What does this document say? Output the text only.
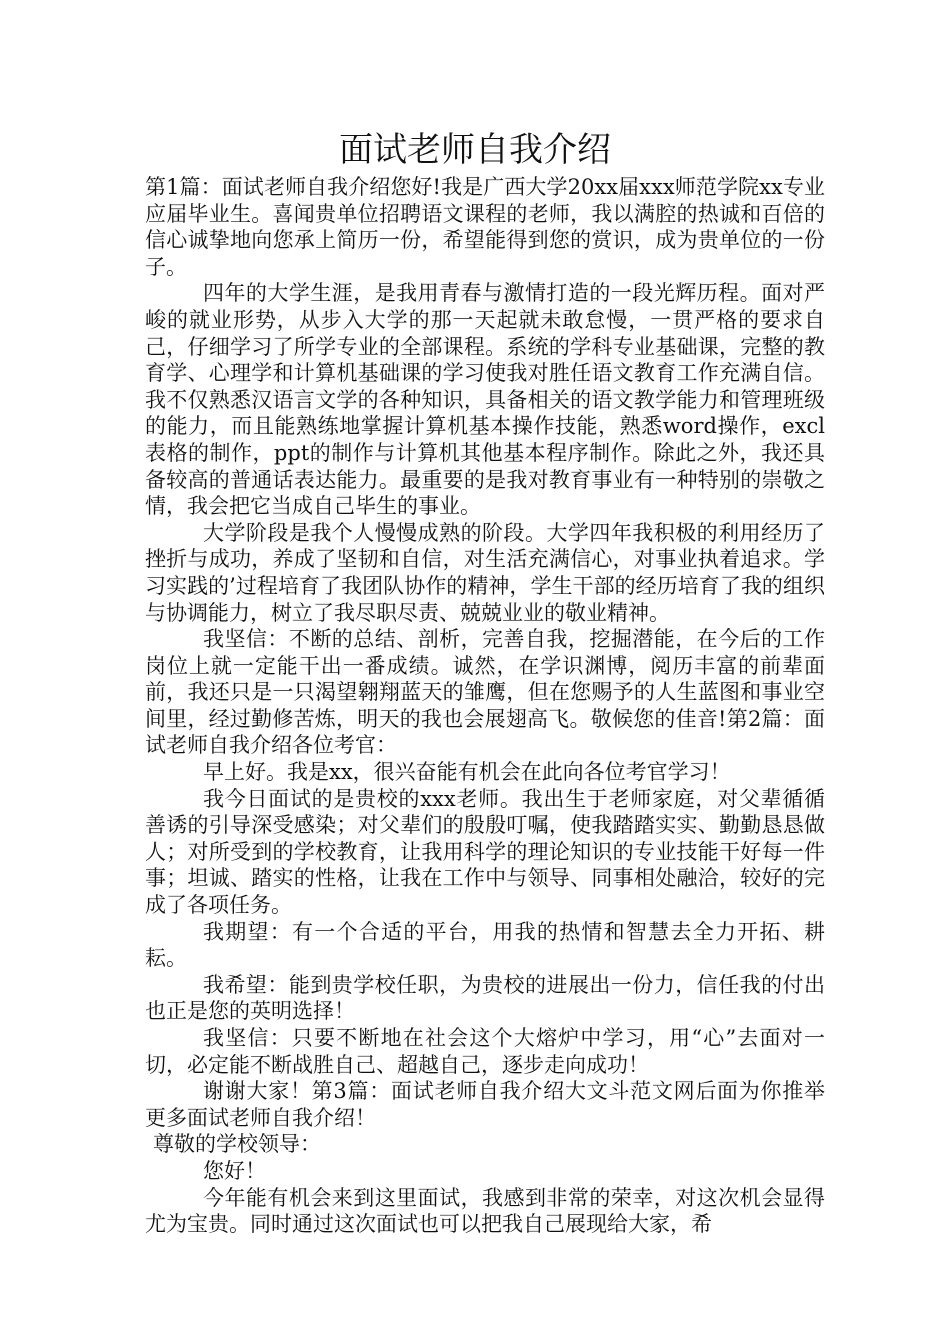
面试老师自我介绍

第1篇：面试老师自我介绍您好!我是广西大学20xx届xxx师范学院xx专业应届毕业生。喜闻贵单位招聘语文课程的老师，我以满腔的热诚和百倍的信心诚挚地向您承上简历一份，希望能得到您的赏识，成为贵单位的一份子。

四年的大学生涯，是我用青春与激情打造的一段光辉历程。面对严峻的就业形势，从步入大学的那一天起就未敢怠慢，一贯严格的要求自己，仔细学习了所学专业的全部课程。系统的学科专业基础课，完整的教育学、心理学和计算机基础课的学习使我对胜任语文教育工作充满自信。我不仅熟悉汉语言文学的各种知识，具备相关的语文教学能力和管理班级的能力，而且能熟练地掌握计算机基本操作技能，熟悉word操作，excl表格的制作，ppt的制作与计算机其他基本程序制作。除此之外，我还具备较高的普通话表达能力。最重要的是我对教育事业有一种特别的崇敬之情，我会把它当成自己毕生的事业。

大学阶段是我个人慢慢成熟的阶段。大学四年我积极的利用经历了挫折与成功，养成了坚韧和自信，对生活充满信心，对事业执着追求。学习实践的’过程培育了我团队协作的精神，学生干部的经历培育了我的组织与协调能力，树立了我尽职尽责、兢兢业业的敬业精神。

我坚信：不断的总结、剖析，完善自我，挖掘潜能，在今后的工作岗位上就一定能干出一番成绩。诚然，在学识渊博，阅历丰富的前辈面前，我还只是一只渴望翱翔蓝天的雏鹰，但在您赐予的人生蓝图和事业空间里，经过勤修苦炼，明天的我也会展翅高飞。敬候您的佳音!第2篇：面试老师自我介绍各位考官：

早上好。我是xx，很兴奋能有机会在此向各位考官学习！

我今日面试的是贵校的xxx老师。我出生于老师家庭，对父辈循循善诱的引导深受感染；对父辈们的殷殷叮嘱，使我踏踏实实、勤勤恳恳做人；对所受到的学校教育，让我用科学的理论知识的专业技能干好每一件事；坦诚、踏实的性格，让我在工作中与领导、同事相处融洽，较好的完成了各项任务。

我期望：有一个合适的平台，用我的热情和智慧去全力开拓、耕耘。

我希望：能到贵学校任职，为贵校的进展出一份力，信任我的付出也正是您的英明选择！

我坚信：只要不断地在社会这个大熔炉中学习，用“心”去面对一切，必定能不断战胜自己、超越自己，逐步走向成功！

谢谢大家！第3篇：面试老师自我介绍大文斗范文网后面为你推举更多面试老师自我介绍！

尊敬的学校领导：

您好！

今年能有机会来到这里面试，我感到非常的荣幸，对这次机会显得尤为宝贵。同时通过这次面试也可以把我自己展现给大家，希
